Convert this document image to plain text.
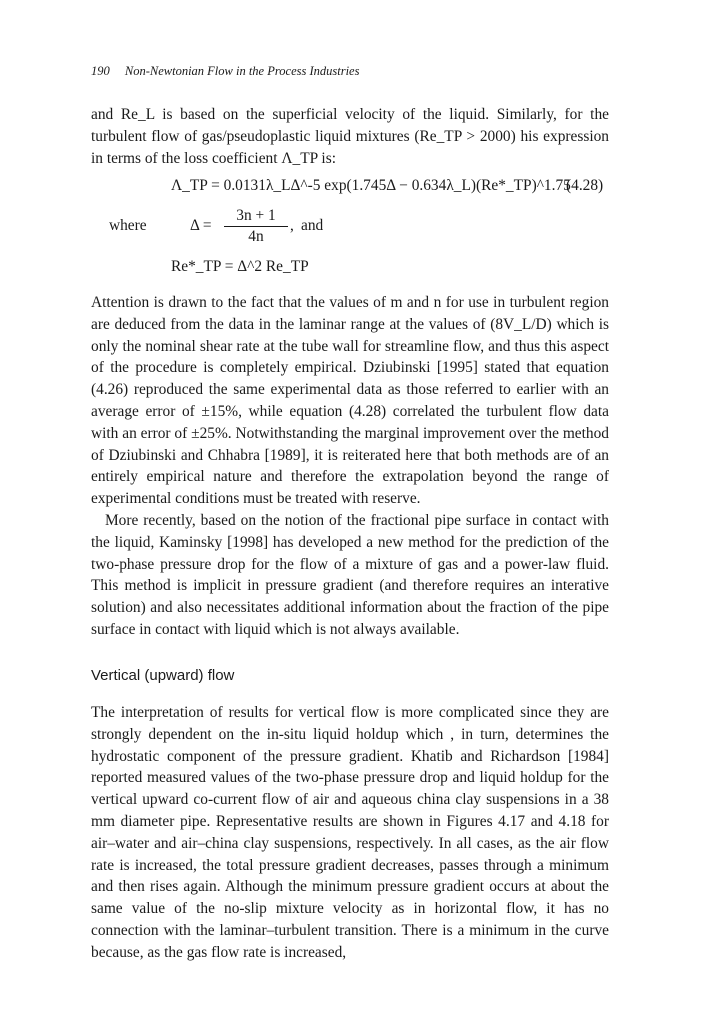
190 Non-Newtonian Flow in the Process Industries

and Re_L is based on the superficial velocity of the liquid. Similarly, for the turbulent flow of gas/pseudoplastic liquid mixtures (Re_TP > 2000) his expression in terms of the loss coefficient Λ_TP is:

Λ_TP = 0.0131λ_LΔ^-5 exp(1.745Δ − 0.634λ_L)(Re*_TP)^1.75
(4.28)
where	$\Delta = \frac{3n + 1}{4n}$ , and
Re*_TP = Δ^2 Re_TP

Attention is drawn to the fact that the values of m and n for use in turbulent region are deduced from the data in the laminar range at the values of (8V_L/D) which is only the nominal shear rate at the tube wall for streamline flow, and thus this aspect of the procedure is completely empirical. Dziubinski [1995] stated that equation (4.26) reproduced the same experimental data as those referred to earlier with an average error of ±15%, while equation (4.28) correlated the turbulent flow data with an error of ±25%. Notwithstanding the marginal improvement over the method of Dziubinski and Chhabra [1989], it is reiterated here that both methods are of an entirely empirical nature and therefore the extrapolation beyond the range of experimental conditions must be treated with reserve.

More recently, based on the notion of the fractional pipe surface in contact with the liquid, Kaminsky [1998] has developed a new method for the prediction of the two-phase pressure drop for the flow of a mixture of gas and a power-law fluid. This method is implicit in pressure gradient (and therefore requires an interative solution) and also necessitates additional information about the fraction of the pipe surface in contact with liquid which is not always available.

Vertical (upward) flow

The interpretation of results for vertical flow is more complicated since they are strongly dependent on the in-situ liquid holdup which , in turn, determines the hydrostatic component of the pressure gradient. Khatib and Richardson [1984] reported measured values of the two-phase pressure drop and liquid holdup for the vertical upward co-current flow of air and aqueous china clay suspensions in a 38 mm diameter pipe. Representative results are shown in Figures 4.17 and 4.18 for air–water and air–china clay suspensions, respectively. In all cases, as the air flow rate is increased, the total pressure gradient decreases, passes through a minimum and then rises again. Although the minimum pressure gradient occurs at about the same value of the no-slip mixture velocity as in horizontal flow, it has no connection with the laminar–turbulent transition. There is a minimum in the curve because, as the gas flow rate is increased,
